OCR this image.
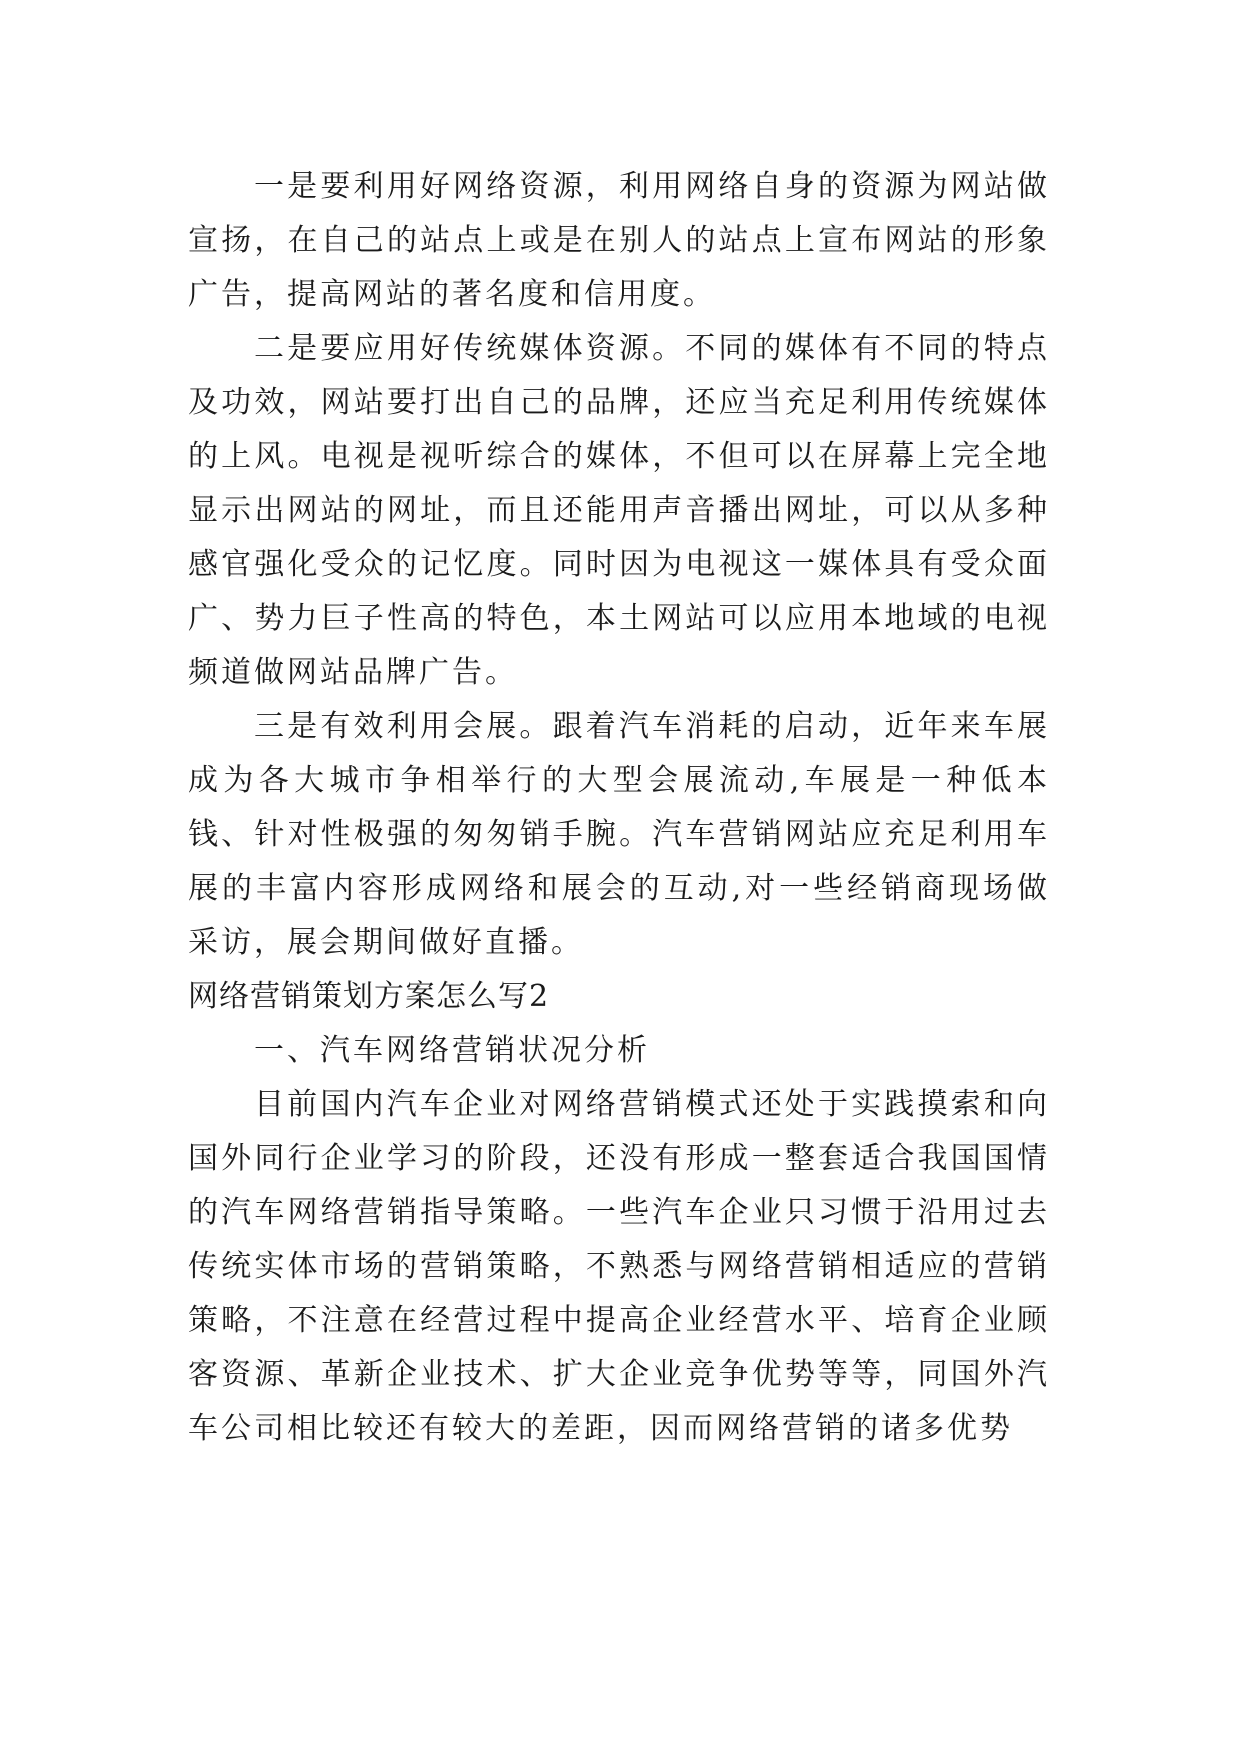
一是要利用好网络资源，利用网络自身的资源为网站做宣扬，在自己的站点上或是在别人的站点上宣布网站的形象广告，提高网站的著名度和信用度。

二是要应用好传统媒体资源。不同的媒体有不同的特点及功效，网站要打出自己的品牌，还应当充足利用传统媒体的上风。电视是视听综合的媒体，不但可以在屏幕上完全地显示出网站的网址，而且还能用声音播出网址，可以从多种感官强化受众的记忆度。同时因为电视这一媒体具有受众面广、势力巨子性高的特色，本土网站可以应用本地域的电视频道做网站品牌广告。

三是有效利用会展。跟着汽车消耗的启动，近年来车展成为各大城市争相举行的大型会展流动,车展是一种低本钱、针对性极强的匆匆销手腕。汽车营销网站应充足利用车展的丰富内容形成网络和展会的互动,对一些经销商现场做采访，展会期间做好直播。

网络营销策划方案怎么写2

一、汽车网络营销状况分析

目前国内汽车企业对网络营销模式还处于实践摸索和向国外同行企业学习的阶段，还没有形成一整套适合我国国情的汽车网络营销指导策略。一些汽车企业只习惯于沿用过去传统实体市场的营销策略，不熟悉与网络营销相适应的营销策略，不注意在经营过程中提高企业经营水平、培育企业顾客资源、革新企业技术、扩大企业竞争优势等等，同国外汽车公司相比较还有较大的差距，因而网络营销的诸多优势
